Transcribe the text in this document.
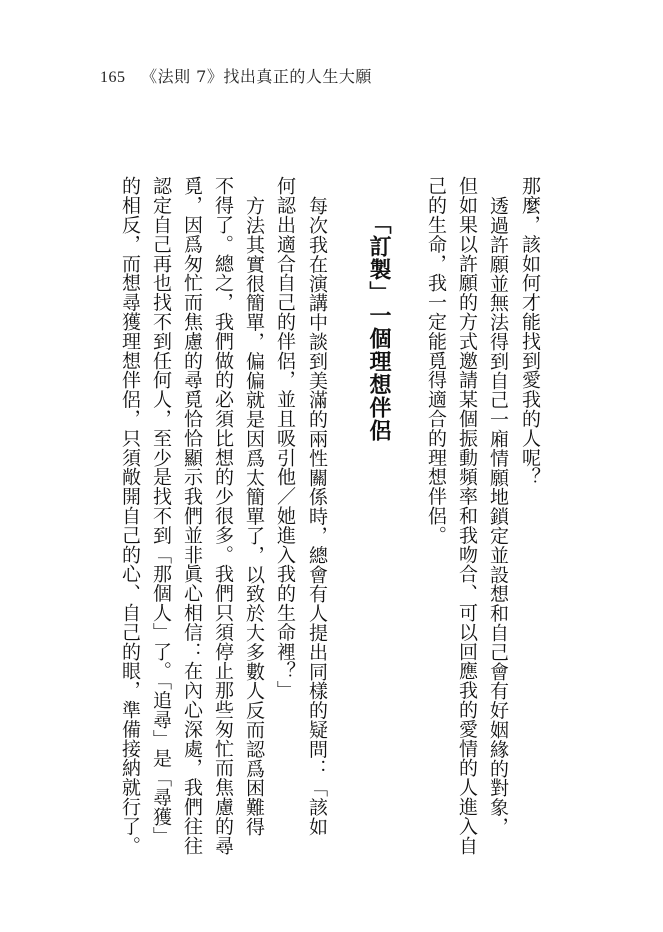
165 《法則 7》找出真正的人生大願
那麼，該如何才能找到愛我的人呢？
透過許願並無法得到自己一廂情願地鎖定並設想和自己會有好姻緣的對象，
但如果以許願的方式邀請某個振動頻率和我吻合、可以回應我的愛情的人進入自
己的生命，我一定能覓得適合的理想伴侶。
「訂製」一個理想伴侶
每次我在演講中談到美滿的兩性關係時，總會有人提出同樣的疑問：「該如
何認出適合自己的伴侶，並且吸引他／她進入我的生命裡？」
方法其實很簡單，偏偏就是因爲太簡單了，以致於大多數人反而認爲困難得
不得了。總之，我們做的必須比想的少很多。我們只須停止那些匆忙而焦慮的尋
覓，因爲匆忙而焦慮的尋覓恰恰顯示我們並非眞心相信：在內心深處，我們往往
認定自己再也找不到任何人，至少是找不到「那個人」了。「追尋」是「尋獲」
的相反，而想尋獲理想伴侶，只須敞開自己的心、自己的眼，準備接納就行了。
